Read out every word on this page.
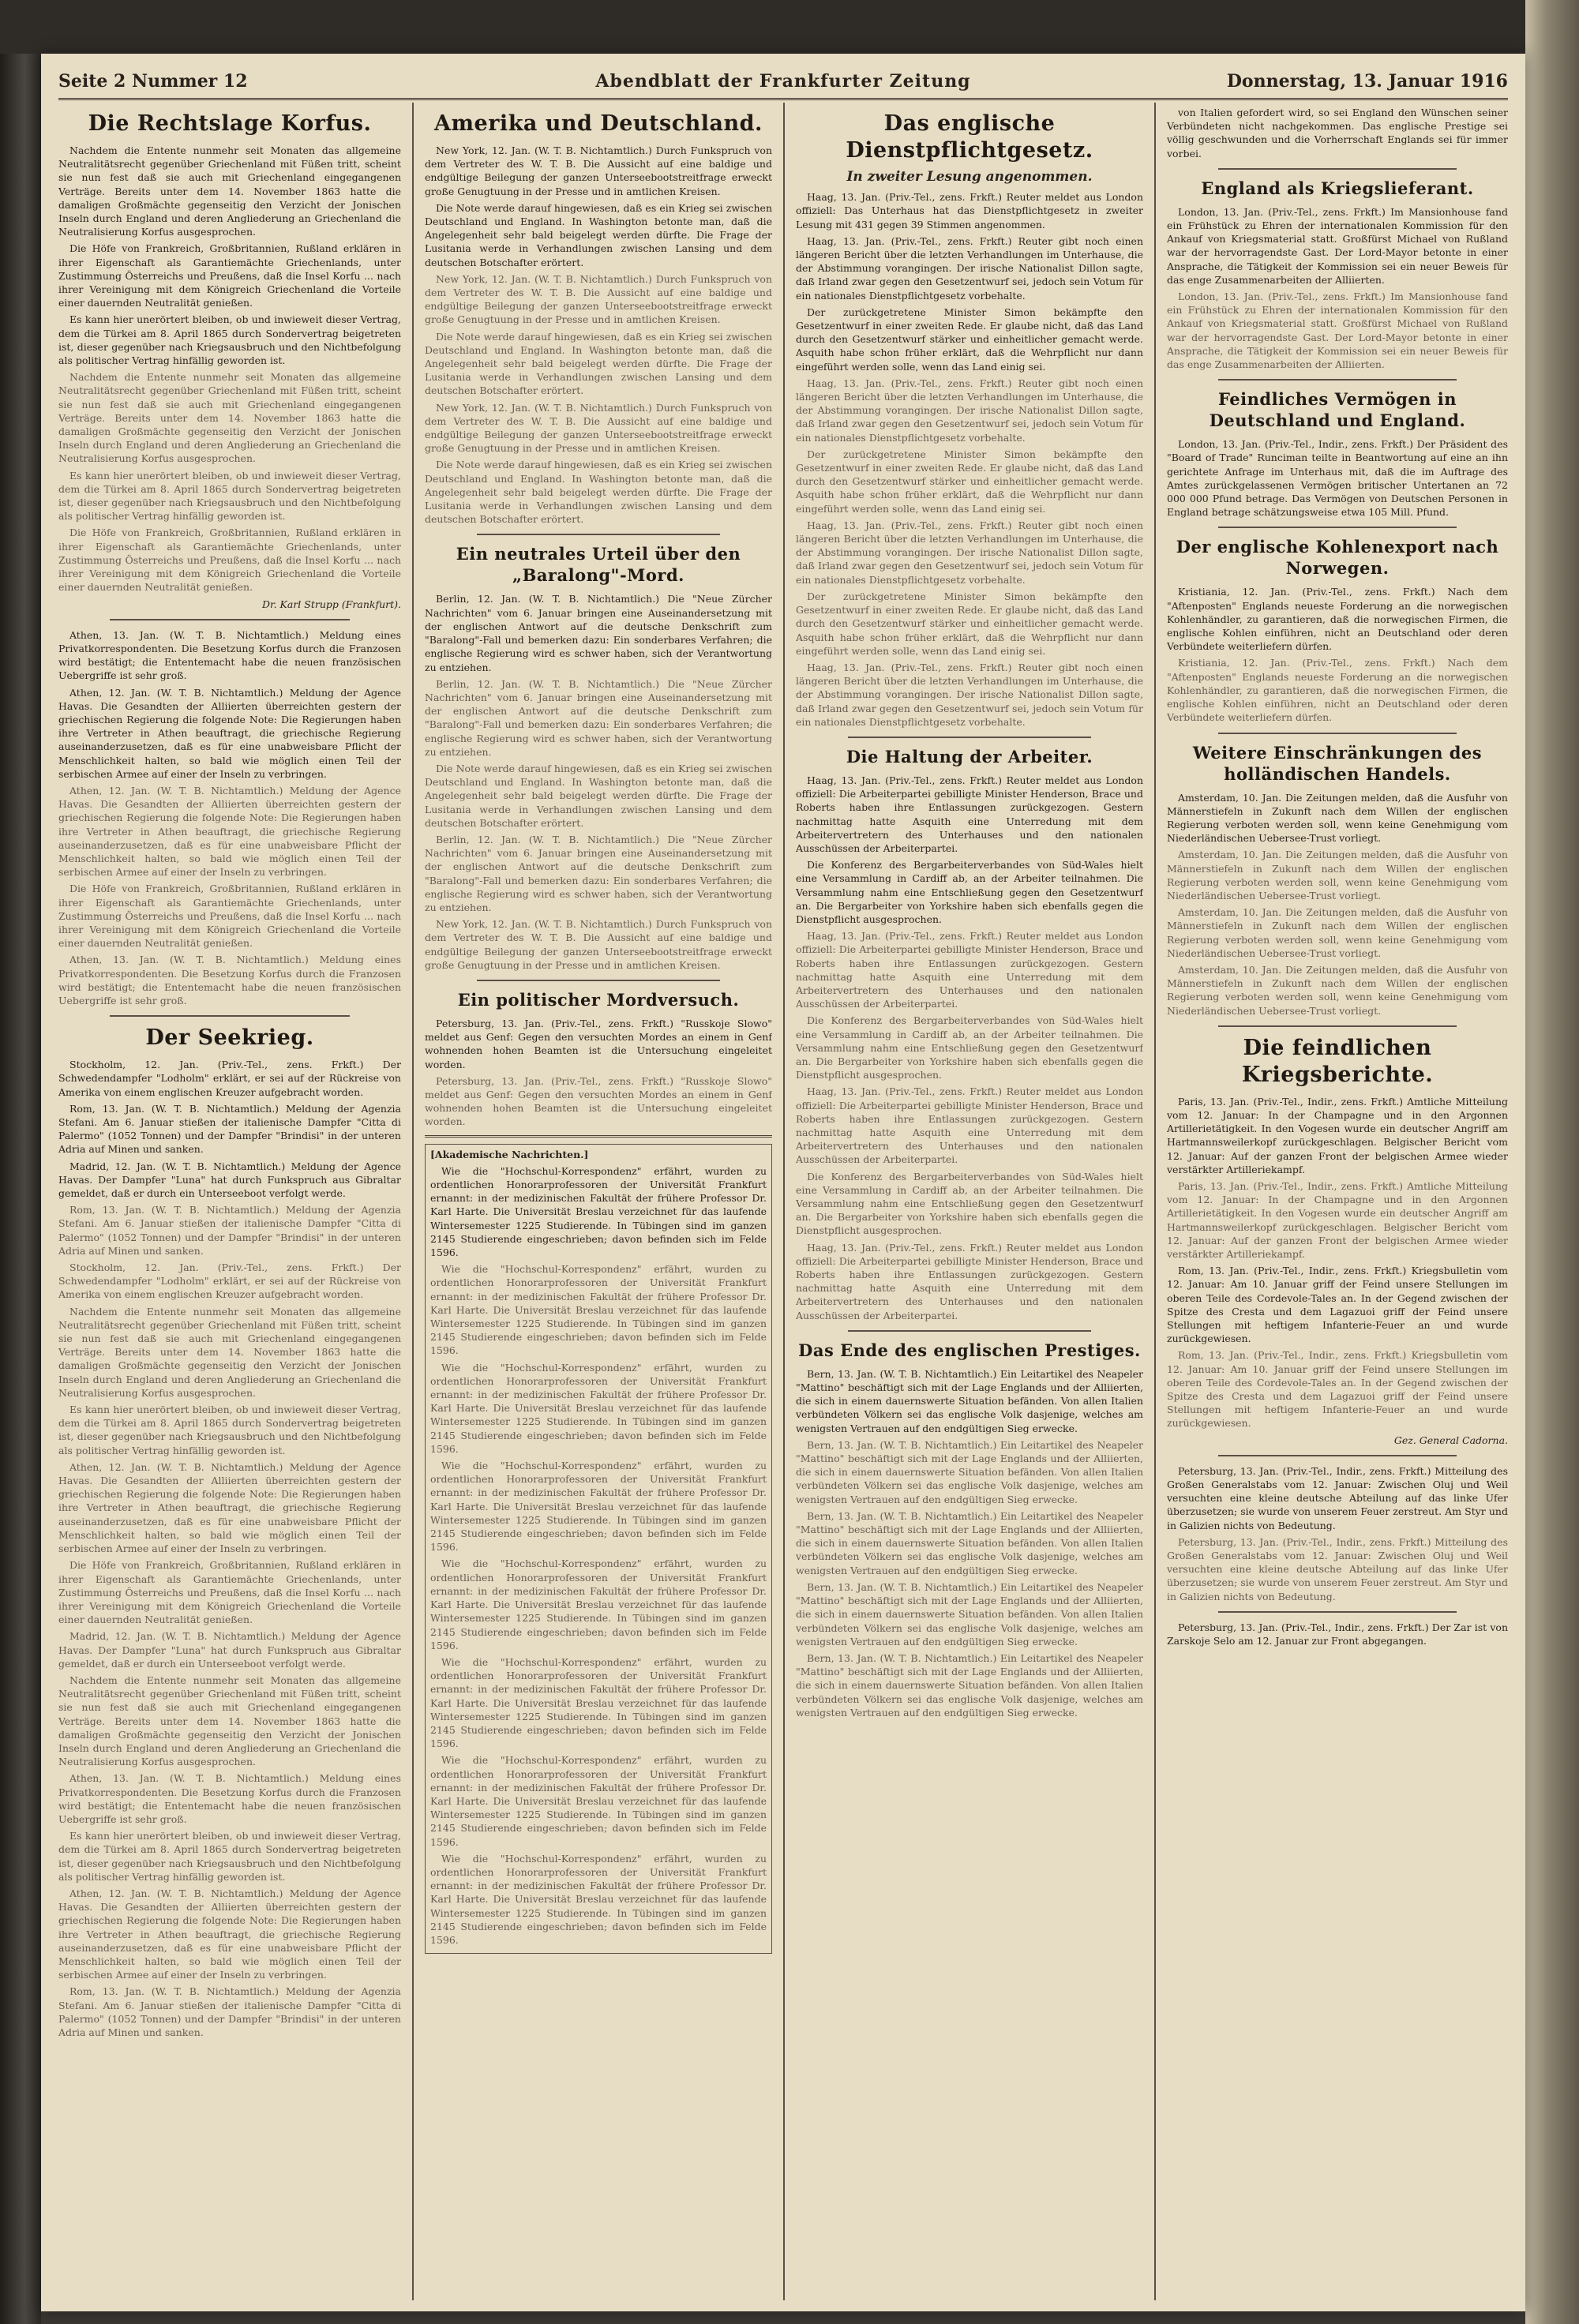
Seite 2 Nummer 12	Abendblatt der Frankfurter Zeitung	Donnerstag, 13. Januar 1916
Die Rechtslage Korfus.

Nachdem die Entente nunmehr seit Monaten das allgemeine Neutralitätsrecht gegenüber Griechenland mit Füßen tritt, scheint sie nun fest daß sie auch mit Griechenland eingegangenen Verträge. Bereits unter dem 14. November 1863 hatte die damaligen Großmächte gegenseitig den Verzicht der Jonischen Inseln durch England und deren Angliederung an Griechenland die Neutralisierung Korfus ausgesprochen.

Die Höfe von Frankreich, Großbritannien, Rußland erklären in ihrer Eigenschaft als Garantiemächte Griechenlands, unter Zustimmung Österreichs und Preußens, daß die Insel Korfu ... nach ihrer Vereinigung mit dem Königreich Griechenland die Vorteile einer dauernden Neutralität genießen.

Es kann hier unerörtert bleiben, ob und inwieweit dieser Vertrag, dem die Türkei am 8. April 1865 durch Sondervertrag beigetreten ist, dieser gegenüber nach Kriegsausbruch und den Nichtbefolgung als politischer Vertrag hinfällig geworden ist.

Nachdem die Entente nunmehr seit Monaten das allgemeine Neutralitätsrecht gegenüber Griechenland mit Füßen tritt, scheint sie nun fest daß sie auch mit Griechenland eingegangenen Verträge. Bereits unter dem 14. November 1863 hatte die damaligen Großmächte gegenseitig den Verzicht der Jonischen Inseln durch England und deren Angliederung an Griechenland die Neutralisierung Korfus ausgesprochen.

Es kann hier unerörtert bleiben, ob und inwieweit dieser Vertrag, dem die Türkei am 8. April 1865 durch Sondervertrag beigetreten ist, dieser gegenüber nach Kriegsausbruch und den Nichtbefolgung als politischer Vertrag hinfällig geworden ist.

Die Höfe von Frankreich, Großbritannien, Rußland erklären in ihrer Eigenschaft als Garantiemächte Griechenlands, unter Zustimmung Österreichs und Preußens, daß die Insel Korfu ... nach ihrer Vereinigung mit dem Königreich Griechenland die Vorteile einer dauernden Neutralität genießen.

Dr. Karl Strupp (Frankfurt).

Athen, 13. Jan. (W. T. B. Nichtamtlich.) Meldung eines Privatkorrespondenten. Die Besetzung Korfus durch die Franzosen wird bestätigt; die Ententemacht habe die neuen französischen Uebergriffe ist sehr groß.

Athen, 12. Jan. (W. T. B. Nichtamtlich.) Meldung der Agence Havas. Die Gesandten der Alliierten überreichten gestern der griechischen Regierung die folgende Note: Die Regierungen haben ihre Vertreter in Athen beauftragt, die griechische Regierung auseinanderzusetzen, daß es für eine unabweisbare Pflicht der Menschlichkeit halten, so bald wie möglich einen Teil der serbischen Armee auf einer der Inseln zu verbringen.

Athen, 12. Jan. (W. T. B. Nichtamtlich.) Meldung der Agence Havas. Die Gesandten der Alliierten überreichten gestern der griechischen Regierung die folgende Note: Die Regierungen haben ihre Vertreter in Athen beauftragt, die griechische Regierung auseinanderzusetzen, daß es für eine unabweisbare Pflicht der Menschlichkeit halten, so bald wie möglich einen Teil der serbischen Armee auf einer der Inseln zu verbringen.

Die Höfe von Frankreich, Großbritannien, Rußland erklären in ihrer Eigenschaft als Garantiemächte Griechenlands, unter Zustimmung Österreichs und Preußens, daß die Insel Korfu ... nach ihrer Vereinigung mit dem Königreich Griechenland die Vorteile einer dauernden Neutralität genießen.

Athen, 13. Jan. (W. T. B. Nichtamtlich.) Meldung eines Privatkorrespondenten. Die Besetzung Korfus durch die Franzosen wird bestätigt; die Ententemacht habe die neuen französischen Uebergriffe ist sehr groß.

Der Seekrieg.

Stockholm, 12. Jan. (Priv.-Tel., zens. Frkft.) Der Schwedendampfer "Lodholm" erklärt, er sei auf der Rückreise von Amerika von einem englischen Kreuzer aufgebracht worden.

Rom, 13. Jan. (W. T. B. Nichtamtlich.) Meldung der Agenzia Stefani. Am 6. Januar stießen der italienische Dampfer "Citta di Palermo" (1052 Tonnen) und der Dampfer "Brindisi" in der unteren Adria auf Minen und sanken.

Madrid, 12. Jan. (W. T. B. Nichtamtlich.) Meldung der Agence Havas. Der Dampfer "Luna" hat durch Funkspruch aus Gibraltar gemeldet, daß er durch ein Unterseeboot verfolgt werde.

Rom, 13. Jan. (W. T. B. Nichtamtlich.) Meldung der Agenzia Stefani. Am 6. Januar stießen der italienische Dampfer "Citta di Palermo" (1052 Tonnen) und der Dampfer "Brindisi" in der unteren Adria auf Minen und sanken.

Stockholm, 12. Jan. (Priv.-Tel., zens. Frkft.) Der Schwedendampfer "Lodholm" erklärt, er sei auf der Rückreise von Amerika von einem englischen Kreuzer aufgebracht worden.

Nachdem die Entente nunmehr seit Monaten das allgemeine Neutralitätsrecht gegenüber Griechenland mit Füßen tritt, scheint sie nun fest daß sie auch mit Griechenland eingegangenen Verträge. Bereits unter dem 14. November 1863 hatte die damaligen Großmächte gegenseitig den Verzicht der Jonischen Inseln durch England und deren Angliederung an Griechenland die Neutralisierung Korfus ausgesprochen.

Es kann hier unerörtert bleiben, ob und inwieweit dieser Vertrag, dem die Türkei am 8. April 1865 durch Sondervertrag beigetreten ist, dieser gegenüber nach Kriegsausbruch und den Nichtbefolgung als politischer Vertrag hinfällig geworden ist.

Athen, 12. Jan. (W. T. B. Nichtamtlich.) Meldung der Agence Havas. Die Gesandten der Alliierten überreichten gestern der griechischen Regierung die folgende Note: Die Regierungen haben ihre Vertreter in Athen beauftragt, die griechische Regierung auseinanderzusetzen, daß es für eine unabweisbare Pflicht der Menschlichkeit halten, so bald wie möglich einen Teil der serbischen Armee auf einer der Inseln zu verbringen.

Die Höfe von Frankreich, Großbritannien, Rußland erklären in ihrer Eigenschaft als Garantiemächte Griechenlands, unter Zustimmung Österreichs und Preußens, daß die Insel Korfu ... nach ihrer Vereinigung mit dem Königreich Griechenland die Vorteile einer dauernden Neutralität genießen.

Madrid, 12. Jan. (W. T. B. Nichtamtlich.) Meldung der Agence Havas. Der Dampfer "Luna" hat durch Funkspruch aus Gibraltar gemeldet, daß er durch ein Unterseeboot verfolgt werde.

Nachdem die Entente nunmehr seit Monaten das allgemeine Neutralitätsrecht gegenüber Griechenland mit Füßen tritt, scheint sie nun fest daß sie auch mit Griechenland eingegangenen Verträge. Bereits unter dem 14. November 1863 hatte die damaligen Großmächte gegenseitig den Verzicht der Jonischen Inseln durch England und deren Angliederung an Griechenland die Neutralisierung Korfus ausgesprochen.

Athen, 13. Jan. (W. T. B. Nichtamtlich.) Meldung eines Privatkorrespondenten. Die Besetzung Korfus durch die Franzosen wird bestätigt; die Ententemacht habe die neuen französischen Uebergriffe ist sehr groß.

Es kann hier unerörtert bleiben, ob und inwieweit dieser Vertrag, dem die Türkei am 8. April 1865 durch Sondervertrag beigetreten ist, dieser gegenüber nach Kriegsausbruch und den Nichtbefolgung als politischer Vertrag hinfällig geworden ist.

Athen, 12. Jan. (W. T. B. Nichtamtlich.) Meldung der Agence Havas. Die Gesandten der Alliierten überreichten gestern der griechischen Regierung die folgende Note: Die Regierungen haben ihre Vertreter in Athen beauftragt, die griechische Regierung auseinanderzusetzen, daß es für eine unabweisbare Pflicht der Menschlichkeit halten, so bald wie möglich einen Teil der serbischen Armee auf einer der Inseln zu verbringen.

Rom, 13. Jan. (W. T. B. Nichtamtlich.) Meldung der Agenzia Stefani. Am 6. Januar stießen der italienische Dampfer "Citta di Palermo" (1052 Tonnen) und der Dampfer "Brindisi" in der unteren Adria auf Minen und sanken.

Amerika und Deutschland.

New York, 12. Jan. (W. T. B. Nichtamtlich.) Durch Funkspruch von dem Vertreter des W. T. B. Die Aussicht auf eine baldige und endgültige Beilegung der ganzen Unterseebootstreitfrage erweckt große Genugtuung in der Presse und in amtlichen Kreisen.

Die Note werde darauf hingewiesen, daß es ein Krieg sei zwischen Deutschland und England. In Washington betonte man, daß die Angelegenheit sehr bald beigelegt werden dürfte. Die Frage der Lusitania werde in Verhandlungen zwischen Lansing und dem deutschen Botschafter erörtert.

New York, 12. Jan. (W. T. B. Nichtamtlich.) Durch Funkspruch von dem Vertreter des W. T. B. Die Aussicht auf eine baldige und endgültige Beilegung der ganzen Unterseebootstreitfrage erweckt große Genugtuung in der Presse und in amtlichen Kreisen.

Die Note werde darauf hingewiesen, daß es ein Krieg sei zwischen Deutschland und England. In Washington betonte man, daß die Angelegenheit sehr bald beigelegt werden dürfte. Die Frage der Lusitania werde in Verhandlungen zwischen Lansing und dem deutschen Botschafter erörtert.

New York, 12. Jan. (W. T. B. Nichtamtlich.) Durch Funkspruch von dem Vertreter des W. T. B. Die Aussicht auf eine baldige und endgültige Beilegung der ganzen Unterseebootstreitfrage erweckt große Genugtuung in der Presse und in amtlichen Kreisen.

Die Note werde darauf hingewiesen, daß es ein Krieg sei zwischen Deutschland und England. In Washington betonte man, daß die Angelegenheit sehr bald beigelegt werden dürfte. Die Frage der Lusitania werde in Verhandlungen zwischen Lansing und dem deutschen Botschafter erörtert.

Ein neutrales Urteil über den „Baralong"-Mord.

Berlin, 12. Jan. (W. T. B. Nichtamtlich.) Die "Neue Zürcher Nachrichten" vom 6. Januar bringen eine Auseinandersetzung mit der englischen Antwort auf die deutsche Denkschrift zum "Baralong"-Fall und bemerken dazu: Ein sonderbares Verfahren; die englische Regierung wird es schwer haben, sich der Verantwortung zu entziehen.

Berlin, 12. Jan. (W. T. B. Nichtamtlich.) Die "Neue Zürcher Nachrichten" vom 6. Januar bringen eine Auseinandersetzung mit der englischen Antwort auf die deutsche Denkschrift zum "Baralong"-Fall und bemerken dazu: Ein sonderbares Verfahren; die englische Regierung wird es schwer haben, sich der Verantwortung zu entziehen.

Die Note werde darauf hingewiesen, daß es ein Krieg sei zwischen Deutschland und England. In Washington betonte man, daß die Angelegenheit sehr bald beigelegt werden dürfte. Die Frage der Lusitania werde in Verhandlungen zwischen Lansing und dem deutschen Botschafter erörtert.

Berlin, 12. Jan. (W. T. B. Nichtamtlich.) Die "Neue Zürcher Nachrichten" vom 6. Januar bringen eine Auseinandersetzung mit der englischen Antwort auf die deutsche Denkschrift zum "Baralong"-Fall und bemerken dazu: Ein sonderbares Verfahren; die englische Regierung wird es schwer haben, sich der Verantwortung zu entziehen.

New York, 12. Jan. (W. T. B. Nichtamtlich.) Durch Funkspruch von dem Vertreter des W. T. B. Die Aussicht auf eine baldige und endgültige Beilegung der ganzen Unterseebootstreitfrage erweckt große Genugtuung in der Presse und in amtlichen Kreisen.

Ein politischer Mordversuch.

Petersburg, 13. Jan. (Priv.-Tel., zens. Frkft.) "Russkoje Slowo" meldet aus Genf: Gegen den versuchten Mordes an einem in Genf wohnenden hohen Beamten ist die Untersuchung eingeleitet worden.

Petersburg, 13. Jan. (Priv.-Tel., zens. Frkft.) "Russkoje Slowo" meldet aus Genf: Gegen den versuchten Mordes an einem in Genf wohnenden hohen Beamten ist die Untersuchung eingeleitet worden.

[Akademische Nachrichten.]

Wie die "Hochschul-Korrespondenz" erfährt, wurden zu ordentlichen Honorarprofessoren der Universität Frankfurt ernannt: in der medizinischen Fakultät der frühere Professor Dr. Karl Harte. Die Universität Breslau verzeichnet für das laufende Wintersemester 1225 Studierende. In Tübingen sind im ganzen 2145 Studierende eingeschrieben; davon befinden sich im Felde 1596.

Wie die "Hochschul-Korrespondenz" erfährt, wurden zu ordentlichen Honorarprofessoren der Universität Frankfurt ernannt: in der medizinischen Fakultät der frühere Professor Dr. Karl Harte. Die Universität Breslau verzeichnet für das laufende Wintersemester 1225 Studierende. In Tübingen sind im ganzen 2145 Studierende eingeschrieben; davon befinden sich im Felde 1596.

Wie die "Hochschul-Korrespondenz" erfährt, wurden zu ordentlichen Honorarprofessoren der Universität Frankfurt ernannt: in der medizinischen Fakultät der frühere Professor Dr. Karl Harte. Die Universität Breslau verzeichnet für das laufende Wintersemester 1225 Studierende. In Tübingen sind im ganzen 2145 Studierende eingeschrieben; davon befinden sich im Felde 1596.

Wie die "Hochschul-Korrespondenz" erfährt, wurden zu ordentlichen Honorarprofessoren der Universität Frankfurt ernannt: in der medizinischen Fakultät der frühere Professor Dr. Karl Harte. Die Universität Breslau verzeichnet für das laufende Wintersemester 1225 Studierende. In Tübingen sind im ganzen 2145 Studierende eingeschrieben; davon befinden sich im Felde 1596.

Wie die "Hochschul-Korrespondenz" erfährt, wurden zu ordentlichen Honorarprofessoren der Universität Frankfurt ernannt: in der medizinischen Fakultät der frühere Professor Dr. Karl Harte. Die Universität Breslau verzeichnet für das laufende Wintersemester 1225 Studierende. In Tübingen sind im ganzen 2145 Studierende eingeschrieben; davon befinden sich im Felde 1596.

Wie die "Hochschul-Korrespondenz" erfährt, wurden zu ordentlichen Honorarprofessoren der Universität Frankfurt ernannt: in der medizinischen Fakultät der frühere Professor Dr. Karl Harte. Die Universität Breslau verzeichnet für das laufende Wintersemester 1225 Studierende. In Tübingen sind im ganzen 2145 Studierende eingeschrieben; davon befinden sich im Felde 1596.

Wie die "Hochschul-Korrespondenz" erfährt, wurden zu ordentlichen Honorarprofessoren der Universität Frankfurt ernannt: in der medizinischen Fakultät der frühere Professor Dr. Karl Harte. Die Universität Breslau verzeichnet für das laufende Wintersemester 1225 Studierende. In Tübingen sind im ganzen 2145 Studierende eingeschrieben; davon befinden sich im Felde 1596.

Wie die "Hochschul-Korrespondenz" erfährt, wurden zu ordentlichen Honorarprofessoren der Universität Frankfurt ernannt: in der medizinischen Fakultät der frühere Professor Dr. Karl Harte. Die Universität Breslau verzeichnet für das laufende Wintersemester 1225 Studierende. In Tübingen sind im ganzen 2145 Studierende eingeschrieben; davon befinden sich im Felde 1596.

Das englische Dienstpflichtgesetz.
In zweiter Lesung angenommen.

Haag, 13. Jan. (Priv.-Tel., zens. Frkft.) Reuter meldet aus London offiziell: Das Unterhaus hat das Dienstpflichtgesetz in zweiter Lesung mit 431 gegen 39 Stimmen angenommen.

Haag, 13. Jan. (Priv.-Tel., zens. Frkft.) Reuter gibt noch einen längeren Bericht über die letzten Verhandlungen im Unterhause, die der Abstimmung vorangingen. Der irische Nationalist Dillon sagte, daß Irland zwar gegen den Gesetzentwurf sei, jedoch sein Votum für ein nationales Dienstpflichtgesetz vorbehalte.

Der zurückgetretene Minister Simon bekämpfte den Gesetzentwurf in einer zweiten Rede. Er glaube nicht, daß das Land durch den Gesetzentwurf stärker und einheitlicher gemacht werde. Asquith habe schon früher erklärt, daß die Wehrpflicht nur dann eingeführt werden solle, wenn das Land einig sei.

Haag, 13. Jan. (Priv.-Tel., zens. Frkft.) Reuter gibt noch einen längeren Bericht über die letzten Verhandlungen im Unterhause, die der Abstimmung vorangingen. Der irische Nationalist Dillon sagte, daß Irland zwar gegen den Gesetzentwurf sei, jedoch sein Votum für ein nationales Dienstpflichtgesetz vorbehalte.

Der zurückgetretene Minister Simon bekämpfte den Gesetzentwurf in einer zweiten Rede. Er glaube nicht, daß das Land durch den Gesetzentwurf stärker und einheitlicher gemacht werde. Asquith habe schon früher erklärt, daß die Wehrpflicht nur dann eingeführt werden solle, wenn das Land einig sei.

Haag, 13. Jan. (Priv.-Tel., zens. Frkft.) Reuter gibt noch einen längeren Bericht über die letzten Verhandlungen im Unterhause, die der Abstimmung vorangingen. Der irische Nationalist Dillon sagte, daß Irland zwar gegen den Gesetzentwurf sei, jedoch sein Votum für ein nationales Dienstpflichtgesetz vorbehalte.

Der zurückgetretene Minister Simon bekämpfte den Gesetzentwurf in einer zweiten Rede. Er glaube nicht, daß das Land durch den Gesetzentwurf stärker und einheitlicher gemacht werde. Asquith habe schon früher erklärt, daß die Wehrpflicht nur dann eingeführt werden solle, wenn das Land einig sei.

Haag, 13. Jan. (Priv.-Tel., zens. Frkft.) Reuter gibt noch einen längeren Bericht über die letzten Verhandlungen im Unterhause, die der Abstimmung vorangingen. Der irische Nationalist Dillon sagte, daß Irland zwar gegen den Gesetzentwurf sei, jedoch sein Votum für ein nationales Dienstpflichtgesetz vorbehalte.

Die Haltung der Arbeiter.

Haag, 13. Jan. (Priv.-Tel., zens. Frkft.) Reuter meldet aus London offiziell: Die Arbeiterpartei gebilligte Minister Henderson, Brace und Roberts haben ihre Entlassungen zurückgezogen. Gestern nachmittag hatte Asquith eine Unterredung mit dem Arbeitervertretern des Unterhauses und den nationalen Ausschüssen der Arbeiterpartei.

Die Konferenz des Bergarbeiterverbandes von Süd-Wales hielt eine Versammlung in Cardiff ab, an der Arbeiter teilnahmen. Die Versammlung nahm eine Entschließung gegen den Gesetzentwurf an. Die Bergarbeiter von Yorkshire haben sich ebenfalls gegen die Dienstpflicht ausgesprochen.

Haag, 13. Jan. (Priv.-Tel., zens. Frkft.) Reuter meldet aus London offiziell: Die Arbeiterpartei gebilligte Minister Henderson, Brace und Roberts haben ihre Entlassungen zurückgezogen. Gestern nachmittag hatte Asquith eine Unterredung mit dem Arbeitervertretern des Unterhauses und den nationalen Ausschüssen der Arbeiterpartei.

Die Konferenz des Bergarbeiterverbandes von Süd-Wales hielt eine Versammlung in Cardiff ab, an der Arbeiter teilnahmen. Die Versammlung nahm eine Entschließung gegen den Gesetzentwurf an. Die Bergarbeiter von Yorkshire haben sich ebenfalls gegen die Dienstpflicht ausgesprochen.

Haag, 13. Jan. (Priv.-Tel., zens. Frkft.) Reuter meldet aus London offiziell: Die Arbeiterpartei gebilligte Minister Henderson, Brace und Roberts haben ihre Entlassungen zurückgezogen. Gestern nachmittag hatte Asquith eine Unterredung mit dem Arbeitervertretern des Unterhauses und den nationalen Ausschüssen der Arbeiterpartei.

Die Konferenz des Bergarbeiterverbandes von Süd-Wales hielt eine Versammlung in Cardiff ab, an der Arbeiter teilnahmen. Die Versammlung nahm eine Entschließung gegen den Gesetzentwurf an. Die Bergarbeiter von Yorkshire haben sich ebenfalls gegen die Dienstpflicht ausgesprochen.

Haag, 13. Jan. (Priv.-Tel., zens. Frkft.) Reuter meldet aus London offiziell: Die Arbeiterpartei gebilligte Minister Henderson, Brace und Roberts haben ihre Entlassungen zurückgezogen. Gestern nachmittag hatte Asquith eine Unterredung mit dem Arbeitervertretern des Unterhauses und den nationalen Ausschüssen der Arbeiterpartei.

Das Ende des englischen Prestiges.

Bern, 13. Jan. (W. T. B. Nichtamtlich.) Ein Leitartikel des Neapeler "Mattino" beschäftigt sich mit der Lage Englands und der Alliierten, die sich in einem dauernswerte Situation befänden. Von allen Italien verbündeten Völkern sei das englische Volk dasjenige, welches am wenigsten Vertrauen auf den endgültigen Sieg erwecke.

Bern, 13. Jan. (W. T. B. Nichtamtlich.) Ein Leitartikel des Neapeler "Mattino" beschäftigt sich mit der Lage Englands und der Alliierten, die sich in einem dauernswerte Situation befänden. Von allen Italien verbündeten Völkern sei das englische Volk dasjenige, welches am wenigsten Vertrauen auf den endgültigen Sieg erwecke.

Bern, 13. Jan. (W. T. B. Nichtamtlich.) Ein Leitartikel des Neapeler "Mattino" beschäftigt sich mit der Lage Englands und der Alliierten, die sich in einem dauernswerte Situation befänden. Von allen Italien verbündeten Völkern sei das englische Volk dasjenige, welches am wenigsten Vertrauen auf den endgültigen Sieg erwecke.

Bern, 13. Jan. (W. T. B. Nichtamtlich.) Ein Leitartikel des Neapeler "Mattino" beschäftigt sich mit der Lage Englands und der Alliierten, die sich in einem dauernswerte Situation befänden. Von allen Italien verbündeten Völkern sei das englische Volk dasjenige, welches am wenigsten Vertrauen auf den endgültigen Sieg erwecke.

Bern, 13. Jan. (W. T. B. Nichtamtlich.) Ein Leitartikel des Neapeler "Mattino" beschäftigt sich mit der Lage Englands und der Alliierten, die sich in einem dauernswerte Situation befänden. Von allen Italien verbündeten Völkern sei das englische Volk dasjenige, welches am wenigsten Vertrauen auf den endgültigen Sieg erwecke.

von Italien gefordert wird, so sei England den Wünschen seiner Verbündeten nicht nachgekommen. Das englische Prestige sei völlig geschwunden und die Vorherrschaft Englands sei für immer vorbei.

England als Kriegslieferant.

London, 13. Jan. (Priv.-Tel., zens. Frkft.) Im Mansionhouse fand ein Frühstück zu Ehren der internationalen Kommission für den Ankauf von Kriegsmaterial statt. Großfürst Michael von Rußland war der hervorragendste Gast. Der Lord-Mayor betonte in einer Ansprache, die Tätigkeit der Kommission sei ein neuer Beweis für das enge Zusammenarbeiten der Alliierten.

London, 13. Jan. (Priv.-Tel., zens. Frkft.) Im Mansionhouse fand ein Frühstück zu Ehren der internationalen Kommission für den Ankauf von Kriegsmaterial statt. Großfürst Michael von Rußland war der hervorragendste Gast. Der Lord-Mayor betonte in einer Ansprache, die Tätigkeit der Kommission sei ein neuer Beweis für das enge Zusammenarbeiten der Alliierten.

Feindliches Vermögen in Deutschland und England.

London, 13. Jan. (Priv.-Tel., Indir., zens. Frkft.) Der Präsident des "Board of Trade" Runciman teilte in Beantwortung auf eine an ihn gerichtete Anfrage im Unterhaus mit, daß die im Auftrage des Amtes zurückgelassenen Vermögen britischer Untertanen an 72 000 000 Pfund betrage. Das Vermögen von Deutschen Personen in England betrage schätzungsweise etwa 105 Mill. Pfund.

Der englische Kohlenexport nach Norwegen.

Kristiania, 12. Jan. (Priv.-Tel., zens. Frkft.) Nach dem "Aftenposten" Englands neueste Forderung an die norwegischen Kohlenhändler, zu garantieren, daß die norwegischen Firmen, die englische Kohlen einführen, nicht an Deutschland oder deren Verbündete weiterliefern dürfen.

Kristiania, 12. Jan. (Priv.-Tel., zens. Frkft.) Nach dem "Aftenposten" Englands neueste Forderung an die norwegischen Kohlenhändler, zu garantieren, daß die norwegischen Firmen, die englische Kohlen einführen, nicht an Deutschland oder deren Verbündete weiterliefern dürfen.

Weitere Einschränkungen des holländischen Handels.

Amsterdam, 10. Jan. Die Zeitungen melden, daß die Ausfuhr von Männerstiefeln in Zukunft nach dem Willen der englischen Regierung verboten werden soll, wenn keine Genehmigung vom Niederländischen Uebersee-Trust vorliegt.

Amsterdam, 10. Jan. Die Zeitungen melden, daß die Ausfuhr von Männerstiefeln in Zukunft nach dem Willen der englischen Regierung verboten werden soll, wenn keine Genehmigung vom Niederländischen Uebersee-Trust vorliegt.

Amsterdam, 10. Jan. Die Zeitungen melden, daß die Ausfuhr von Männerstiefeln in Zukunft nach dem Willen der englischen Regierung verboten werden soll, wenn keine Genehmigung vom Niederländischen Uebersee-Trust vorliegt.

Amsterdam, 10. Jan. Die Zeitungen melden, daß die Ausfuhr von Männerstiefeln in Zukunft nach dem Willen der englischen Regierung verboten werden soll, wenn keine Genehmigung vom Niederländischen Uebersee-Trust vorliegt.

Die feindlichen Kriegsberichte.

Paris, 13. Jan. (Priv.-Tel., Indir., zens. Frkft.) Amtliche Mitteilung vom 12. Januar: In der Champagne und in den Argonnen Artillerietätigkeit. In den Vogesen wurde ein deutscher Angriff am Hartmannsweilerkopf zurückgeschlagen. Belgischer Bericht vom 12. Januar: Auf der ganzen Front der belgischen Armee wieder verstärkter Artilleriekampf.

Paris, 13. Jan. (Priv.-Tel., Indir., zens. Frkft.) Amtliche Mitteilung vom 12. Januar: In der Champagne und in den Argonnen Artillerietätigkeit. In den Vogesen wurde ein deutscher Angriff am Hartmannsweilerkopf zurückgeschlagen. Belgischer Bericht vom 12. Januar: Auf der ganzen Front der belgischen Armee wieder verstärkter Artilleriekampf.

Rom, 13. Jan. (Priv.-Tel., Indir., zens. Frkft.) Kriegsbulletin vom 12. Januar: Am 10. Januar griff der Feind unsere Stellungen im oberen Teile des Cordevole-Tales an. In der Gegend zwischen der Spitze des Cresta und dem Lagazuoi griff der Feind unsere Stellungen mit heftigem Infanterie-Feuer an und wurde zurückgewiesen.

Rom, 13. Jan. (Priv.-Tel., Indir., zens. Frkft.) Kriegsbulletin vom 12. Januar: Am 10. Januar griff der Feind unsere Stellungen im oberen Teile des Cordevole-Tales an. In der Gegend zwischen der Spitze des Cresta und dem Lagazuoi griff der Feind unsere Stellungen mit heftigem Infanterie-Feuer an und wurde zurückgewiesen.

Gez. General Cadorna.

Petersburg, 13. Jan. (Priv.-Tel., Indir., zens. Frkft.) Mitteilung des Großen Generalstabs vom 12. Januar: Zwischen Oluj und Weil versuchten eine kleine deutsche Abteilung auf das linke Ufer überzusetzen; sie wurde von unserem Feuer zerstreut. Am Styr und in Galizien nichts von Bedeutung.

Petersburg, 13. Jan. (Priv.-Tel., Indir., zens. Frkft.) Mitteilung des Großen Generalstabs vom 12. Januar: Zwischen Oluj und Weil versuchten eine kleine deutsche Abteilung auf das linke Ufer überzusetzen; sie wurde von unserem Feuer zerstreut. Am Styr und in Galizien nichts von Bedeutung.

Petersburg, 13. Jan. (Priv.-Tel., Indir., zens. Frkft.) Der Zar ist von Zarskoje Selo am 12. Januar zur Front abgegangen.
